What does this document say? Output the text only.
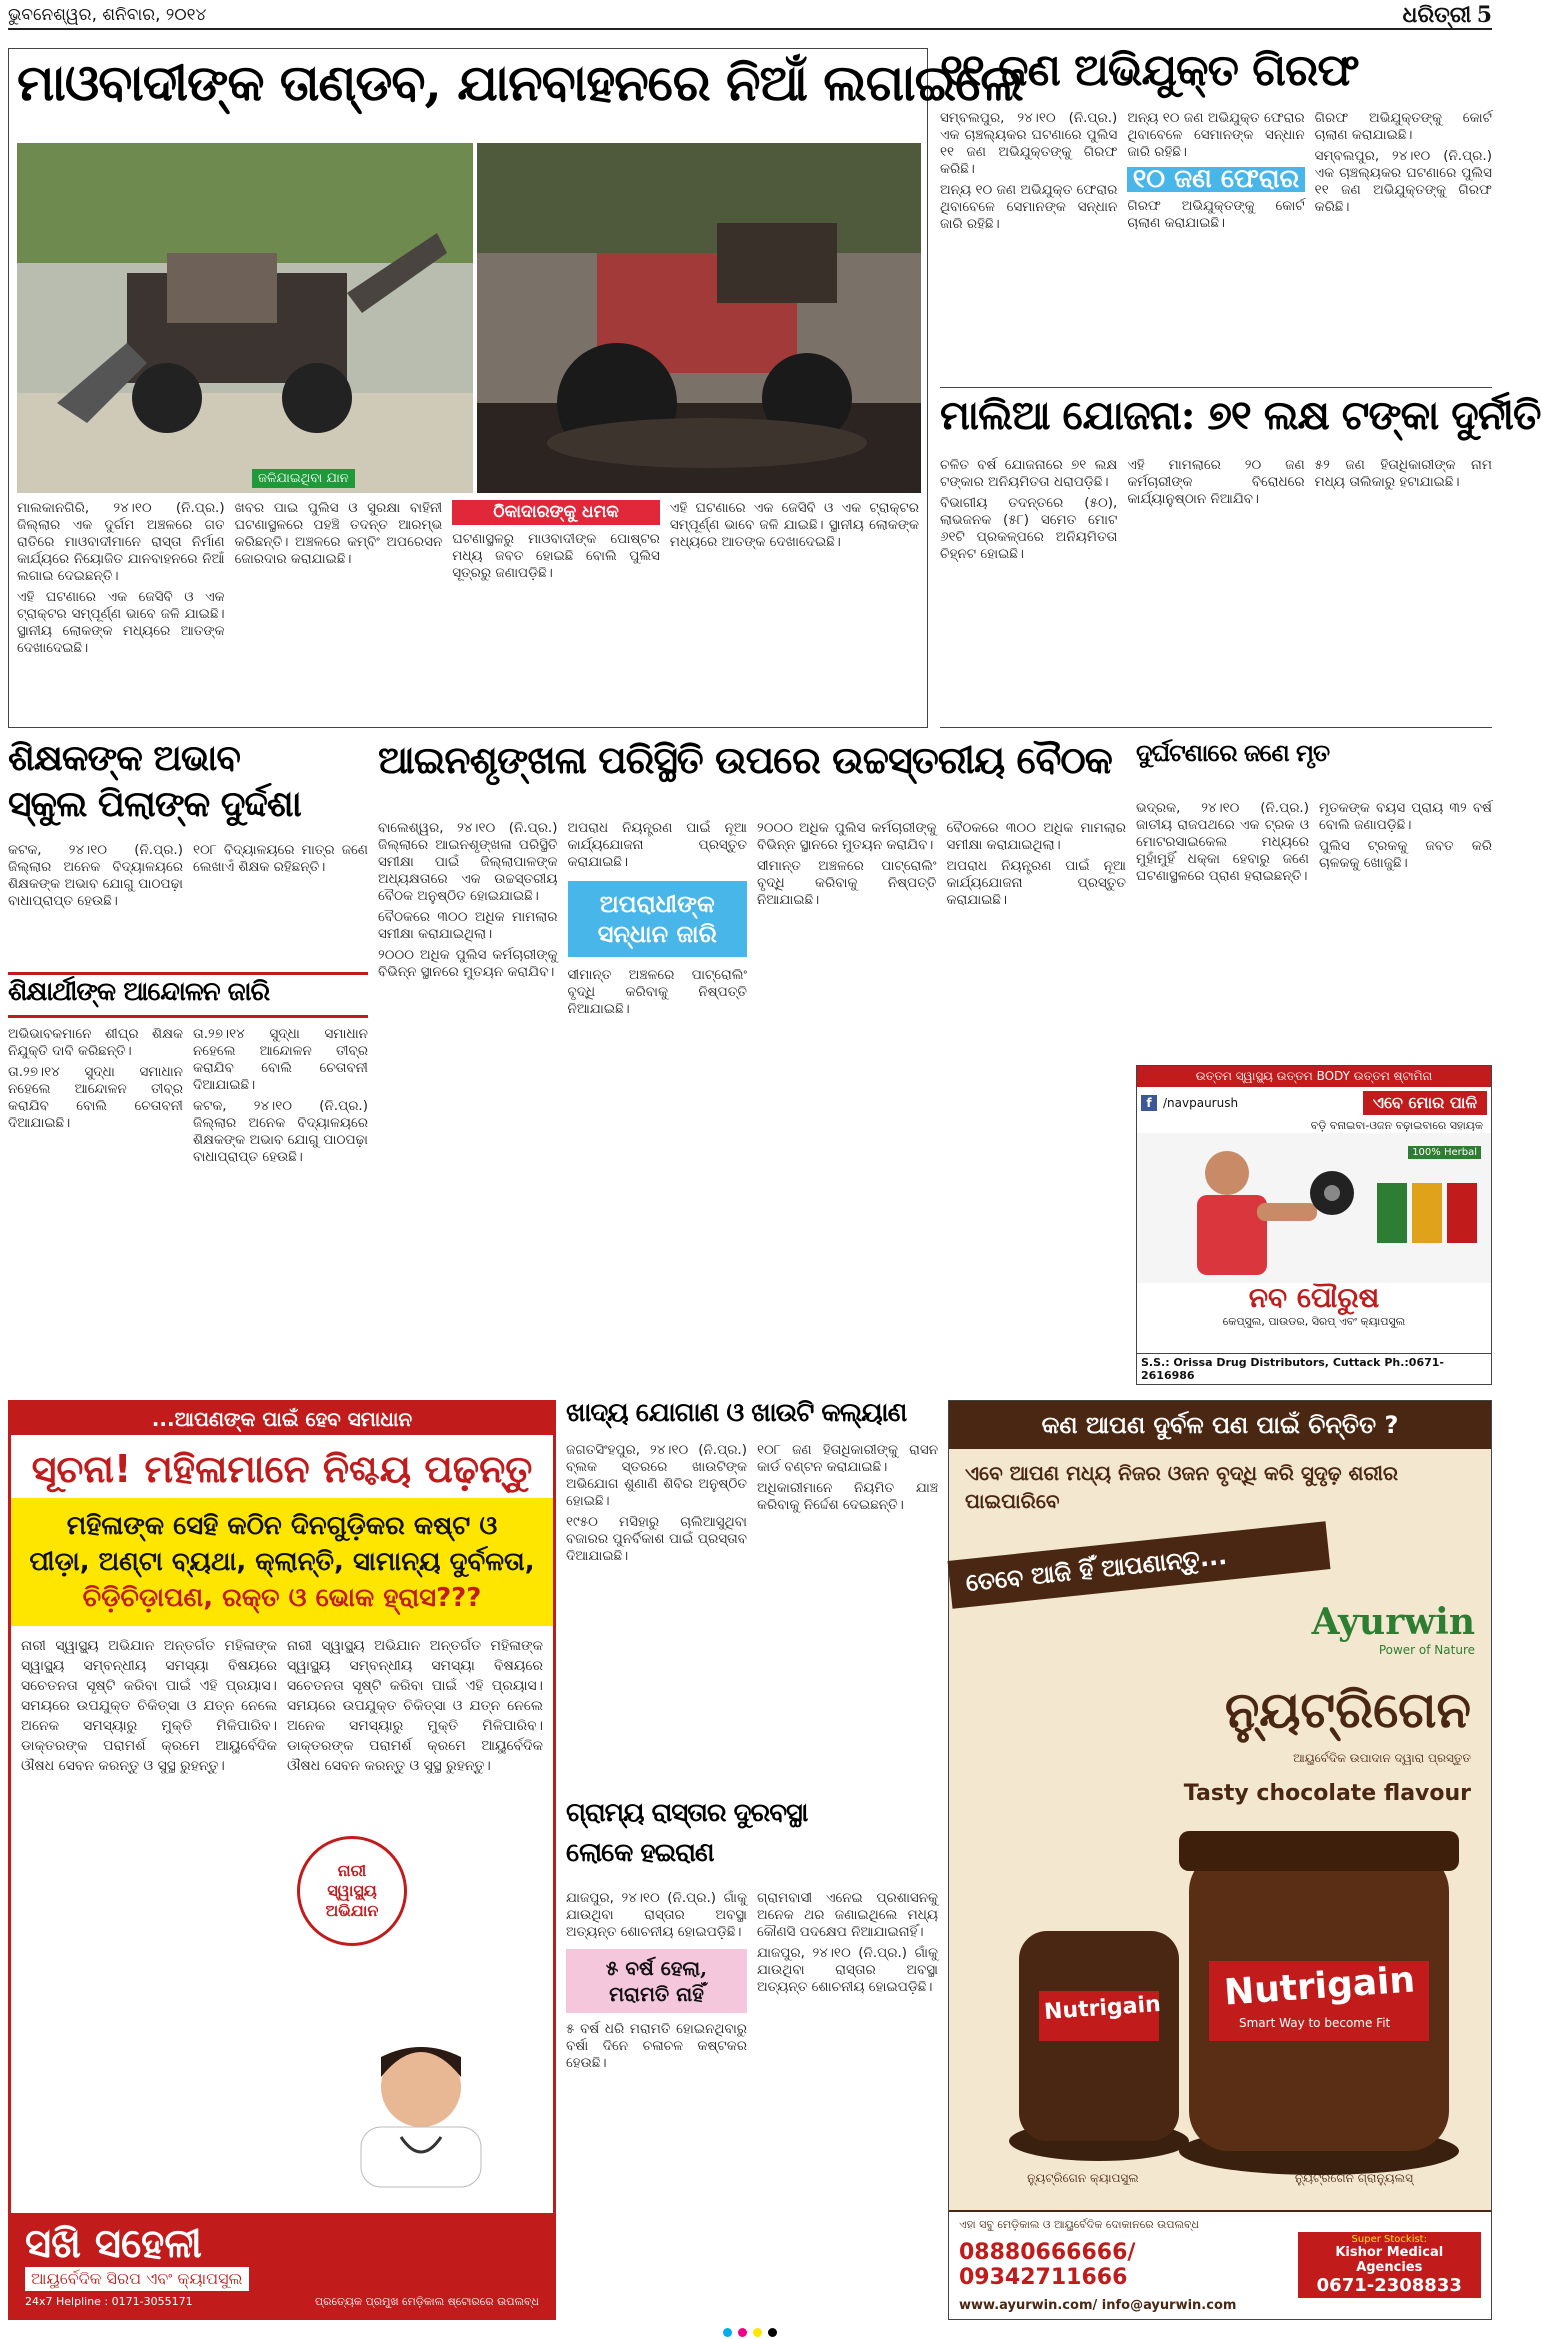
ଭୁବନେଶ୍ୱର, ଶନିବାର, ୨୦୧୪	ଧରିତ୍ରୀ 5
ମାଓବାଦୀଙ୍କ ତାଣ୍ଡବ, ଯାନବାହନରେ ନିଆଁ ଲଗାଇଲେ
ଜଳିଯାଇଥିବା ଯାନ

ମାଲକାନଗିରି, ୨୪।୧୦ (ନି.ପ୍ର.) ଜିଲ୍ଲାର ଏକ ଦୁର୍ଗମ ଅଞ୍ଚଳରେ ଗତ ରାତିରେ ମାଓବାଦୀମାନେ ରାସ୍ତା ନିର୍ମାଣ କାର୍ଯ୍ୟରେ ନିୟୋଜିତ ଯାନବାହନରେ ନିଆଁ ଲଗାଇ ଦେଇଛନ୍ତି।

ଏହି ଘଟଣାରେ ଏକ ଜେସିବି ଓ ଏକ ଟ୍ରାକ୍ଟର ସମ୍ପୂର୍ଣ୍ଣ ଭାବେ ଜଳି ଯାଇଛି। ସ୍ଥାନୀୟ ଲୋକଙ୍କ ମଧ୍ୟରେ ଆତଙ୍କ ଦେଖାଦେଇଛି।

ଖବର ପାଇ ପୁଲିସ ଓ ସୁରକ୍ଷା ବାହିନୀ ଘଟଣାସ୍ଥଳରେ ପହଞ୍ଚି ତଦନ୍ତ ଆରମ୍ଭ କରିଛନ୍ତି। ଅଞ୍ଚଳରେ କମ୍ବିଂ ଅପରେସନ ଜୋରଦାର କରାଯାଇଛି।

ଠିକାଦାରଙ୍କୁ ଧମକ

ଘଟଣାସ୍ଥଳରୁ ମାଓବାଦୀଙ୍କ ପୋଷ୍ଟର ମଧ୍ୟ ଜବତ ହୋଇଛି ବୋଲି ପୁଲିସ ସୂତ୍ରରୁ ଜଣାପଡ଼ିଛି।

ଏହି ଘଟଣାରେ ଏକ ଜେସିବି ଓ ଏକ ଟ୍ରାକ୍ଟର ସମ୍ପୂର୍ଣ୍ଣ ଭାବେ ଜଳି ଯାଇଛି। ସ୍ଥାନୀୟ ଲୋକଙ୍କ ମଧ୍ୟରେ ଆତଙ୍କ ଦେଖାଦେଇଛି।

୧୧ ଜଣ ଅଭିଯୁକ୍ତ ଗିରଫ

ସମ୍ବଲପୁର, ୨୪।୧୦ (ନି.ପ୍ର.) ଏକ ଚାଞ୍ଚଲ୍ୟକର ଘଟଣାରେ ପୁଲିସ ୧୧ ଜଣ ଅଭିଯୁକ୍ତଙ୍କୁ ଗିରଫ କରିଛି।

ଅନ୍ୟ ୧୦ ଜଣ ଅଭିଯୁକ୍ତ ଫେରାର ଥିବାବେଳେ ସେମାନଙ୍କ ସନ୍ଧାନ ଜାରି ରହିଛି।

ଅନ୍ୟ ୧୦ ଜଣ ଅଭିଯୁକ୍ତ ଫେରାର ଥିବାବେଳେ ସେମାନଙ୍କ ସନ୍ଧାନ ଜାରି ରହିଛି।

୧୦ ଜଣ ଫେରାର

ଗିରଫ ଅଭିଯୁକ୍ତଙ୍କୁ କୋର୍ଟ ଚାଲାଣ କରାଯାଇଛି।

ଗିରଫ ଅଭିଯୁକ୍ତଙ୍କୁ କୋର୍ଟ ଚାଲାଣ କରାଯାଇଛି।

ସମ୍ବଲପୁର, ୨୪।୧୦ (ନି.ପ୍ର.) ଏକ ଚାଞ୍ଚଲ୍ୟକର ଘଟଣାରେ ପୁଲିସ ୧୧ ଜଣ ଅଭିଯୁକ୍ତଙ୍କୁ ଗିରଫ କରିଛି।

ମାଲିଆ ଯୋଜନା: ୭୧ ଲକ୍ଷ ଟଙ୍କା ଦୁର୍ନୀତି

ଚଳିତ ବର୍ଷ ଯୋଜନାରେ ୭୧ ଲକ୍ଷ ଟଙ୍କାର ଅନିୟମିତତା ଧରାପଡ଼ିଛି।

ବିଭାଗୀୟ ତଦନ୍ତରେ (୫୦), ଲାଭଜନକ (୫୮) ସମେତ ମୋଟ ୬୧ଟି ପ୍ରକଳ୍ପରେ ଅନିୟମିତତା ଚିହ୍ନଟ ହୋଇଛି।

ଏହି ମାମଲାରେ ୨୦ ଜଣ କର୍ମଚାରୀଙ୍କ ବିରୋଧରେ କାର୍ଯ୍ୟାନୁଷ୍ଠାନ ନିଆଯିବ।

୫୨ ଜଣ ହିତାଧିକାରୀଙ୍କ ନାମ ମଧ୍ୟ ତାଲିକାରୁ ହଟାଯାଇଛି।

ଶିକ୍ଷକଙ୍କ ଅଭାବ
ସ୍କୁଲ ପିଲାଙ୍କ ଦୁର୍ଦ୍ଦଶା

କଟକ, ୨୪।୧୦ (ନି.ପ୍ର.) ଜିଲ୍ଲାର ଅନେକ ବିଦ୍ୟାଳୟରେ ଶିକ୍ଷକଙ୍କ ଅଭାବ ଯୋଗୁ ପାଠପଢ଼ା ବାଧାପ୍ରାପ୍ତ ହେଉଛି।

୧୦୮ ବିଦ୍ୟାଳୟରେ ମାତ୍ର ଜଣେ ଲେଖାଏଁ ଶିକ୍ଷକ ରହିଛନ୍ତି।

ଶିକ୍ଷାର୍ଥୀଙ୍କ ଆନ୍ଦୋଳନ ଜାରି

ଅଭିଭାବକମାନେ ଶୀଘ୍ର ଶିକ୍ଷକ ନିଯୁକ୍ତି ଦାବି କରିଛନ୍ତି।

ତା.୨୭।୧୪ ସୁଦ୍ଧା ସମାଧାନ ନହେଲେ ଆନ୍ଦୋଳନ ତୀବ୍ର କରାଯିବ ବୋଲି ଚେତାବନୀ ଦିଆଯାଇଛି।

ତା.୨୭।୧୪ ସୁଦ୍ଧା ସମାଧାନ ନହେଲେ ଆନ୍ଦୋଳନ ତୀବ୍ର କରାଯିବ ବୋଲି ଚେତାବନୀ ଦିଆଯାଇଛି।

କଟକ, ୨୪।୧୦ (ନି.ପ୍ର.) ଜିଲ୍ଲାର ଅନେକ ବିଦ୍ୟାଳୟରେ ଶିକ୍ଷକଙ୍କ ଅଭାବ ଯୋଗୁ ପାଠପଢ଼ା ବାଧାପ୍ରାପ୍ତ ହେଉଛି।

ଆଇନଶୃଙ୍ଖଳା ପରିସ୍ଥିତି ଉପରେ ଉଚ୍ଚସ୍ତରୀୟ ବୈଠକ

ବାଲେଶ୍ୱର, ୨୪।୧୦ (ନି.ପ୍ର.) ଜିଲ୍ଲାରେ ଆଇନଶୃଙ୍ଖଳା ପରିସ୍ଥିତି ସମୀକ୍ଷା ପାଇଁ ଜିଲ୍ଲାପାଳଙ୍କ ଅଧ୍ୟକ୍ଷତାରେ ଏକ ଉଚ୍ଚସ୍ତରୀୟ ବୈଠକ ଅନୁଷ୍ଠିତ ହୋଇଯାଇଛି।

ବୈଠକରେ ୩୦୦ ଅଧିକ ମାମଲାର ସମୀକ୍ଷା କରାଯାଇଥିଲା।

୨୦୦୦ ଅଧିକ ପୁଲିସ କର୍ମଚାରୀଙ୍କୁ ବିଭିନ୍ନ ସ୍ଥାନରେ ମୁତୟନ କରାଯିବ।

ଅପରାଧ ନିୟନ୍ତ୍ରଣ ପାଇଁ ନୂଆ କାର୍ଯ୍ୟଯୋଜନା ପ୍ରସ୍ତୁତ କରାଯାଇଛି।

ଅପରାଧୀଙ୍କ
ସନ୍ଧାନ ଜାରି

ସୀମାନ୍ତ ଅଞ୍ଚଳରେ ପାଟ୍ରୋଲିଂ ବୃଦ୍ଧି କରିବାକୁ ନିଷ୍ପତ୍ତି ନିଆଯାଇଛି।

୨୦୦୦ ଅଧିକ ପୁଲିସ କର୍ମଚାରୀଙ୍କୁ ବିଭିନ୍ନ ସ୍ଥାନରେ ମୁତୟନ କରାଯିବ।

ସୀମାନ୍ତ ଅଞ୍ଚଳରେ ପାଟ୍ରୋଲିଂ ବୃଦ୍ଧି କରିବାକୁ ନିଷ୍ପତ୍ତି ନିଆଯାଇଛି।

ବୈଠକରେ ୩୦୦ ଅଧିକ ମାମଲାର ସମୀକ୍ଷା କରାଯାଇଥିଲା।

ଅପରାଧ ନିୟନ୍ତ୍ରଣ ପାଇଁ ନୂଆ କାର୍ଯ୍ୟଯୋଜନା ପ୍ରସ୍ତୁତ କରାଯାଇଛି।

ଦୁର୍ଘଟଣାରେ ଜଣେ ମୃତ

ଭଦ୍ରକ, ୨୪।୧୦ (ନି.ପ୍ର.) ଜାତୀୟ ରାଜପଥରେ ଏକ ଟ୍ରକ ଓ ମୋଟରସାଇକେଲ ମଧ୍ୟରେ ମୁହାଁମୁହିଁ ଧକ୍କା ହେବାରୁ ଜଣେ ଘଟଣାସ୍ଥଳରେ ପ୍ରାଣ ହରାଇଛନ୍ତି।

ମୃତକଙ୍କ ବୟସ ପ୍ରାୟ ୩୨ ବର୍ଷ ବୋଲି ଜଣାପଡ଼ିଛି।

ପୁଲିସ ଟ୍ରକକୁ ଜବତ କରି ଚାଳକକୁ ଖୋଜୁଛି।

ଉତ୍ତମ ସ୍ୱାସ୍ଥ୍ୟ ଉତ୍ତମ BODY ଉତ୍ତମ ଷ୍ଟାମିନା
f /navpaurush	ଏବେ ମୋର ପାଳି
ବଡ଼ି ବନାଇବା-ଓଜନ ବଢ଼ାଇବାରେ ସହାୟକ
100% Herbal
ନବ ପୌରୁଷ
କେପ୍ସୁଲ, ପାଉଡର, ସିରପ୍ ଏବଂ କ୍ୟାପସୁଲ
S.S.: Orissa Drug Distributors, Cuttack Ph.:0671-2616986
...ଆପଣଙ୍କ ପାଇଁ ହେବ ସମାଧାନ
ସୂଚନା! ମହିଳାମାନେ ନିଶ୍ଚୟ ପଢ଼ନ୍ତୁ
ମହିଳାଙ୍କ ସେହି କଠିନ ଦିନଗୁଡ଼ିକର କଷ୍ଟ ଓ
ପୀଡ଼ା, ଅଣ୍ଟା ବ୍ୟଥା, କ୍ଲାନ୍ତି, ସାମାନ୍ୟ ଦୁର୍ବଳତା,
ଚିଡ଼ିଚିଡ଼ାପଣ, ରକ୍ତ ଓ ଭୋକ ହ୍ରାସ???
ନାରୀ ସ୍ୱାସ୍ଥ୍ୟ ଅଭିଯାନ ଅନ୍ତର୍ଗତ ମହିଳାଙ୍କ ସ୍ୱାସ୍ଥ୍ୟ ସମ୍ବନ୍ଧୀୟ ସମସ୍ୟା ବିଷୟରେ ସଚେତନତା ସୃଷ୍ଟି କରିବା ପାଇଁ ଏହି ପ୍ରୟାସ। ସମୟରେ ଉପଯୁକ୍ତ ଚିକିତ୍ସା ଓ ଯତ୍ନ ନେଲେ ଅନେକ ସମସ୍ୟାରୁ ମୁକ୍ତି ମିଳିପାରିବ। ଡାକ୍ତରଙ୍କ ପରାମର୍ଶ କ୍ରମେ ଆୟୁର୍ବେଦିକ ଔଷଧ ସେବନ କରନ୍ତୁ ଓ ସୁସ୍ଥ ରୁହନ୍ତୁ।
ନାରୀ ସ୍ୱାସ୍ଥ୍ୟ ଅଭିଯାନ ଅନ୍ତର୍ଗତ ମହିଳାଙ୍କ ସ୍ୱାସ୍ଥ୍ୟ ସମ୍ବନ୍ଧୀୟ ସମସ୍ୟା ବିଷୟରେ ସଚେତନତା ସୃଷ୍ଟି କରିବା ପାଇଁ ଏହି ପ୍ରୟାସ। ସମୟରେ ଉପଯୁକ୍ତ ଚିକିତ୍ସା ଓ ଯତ୍ନ ନେଲେ ଅନେକ ସମସ୍ୟାରୁ ମୁକ୍ତି ମିଳିପାରିବ। ଡାକ୍ତରଙ୍କ ପରାମର୍ଶ କ୍ରମେ ଆୟୁର୍ବେଦିକ ଔଷଧ ସେବନ କରନ୍ତୁ ଓ ସୁସ୍ଥ ରୁହନ୍ତୁ।
ନାରୀ
ସ୍ୱାସ୍ଥ୍ୟ
ଅଭିଯାନ
ସଖି ସହେଳୀ
ଆୟୁର୍ବେଦିକ ସିରପ ଏବଂ କ୍ୟାପସୁଲ
24x7 Helpline : 0171-3055171	ପ୍ରତ୍ୟେକ ପ୍ରମୁଖ ମେଡ଼ିକାଲ ଷ୍ଟୋରରେ ଉପଲବ୍ଧ
ଖାଦ୍ୟ ଯୋଗାଣ ଓ ଖାଉଟି କଲ୍ୟାଣ

ଜଗତସିଂହପୁର, ୨୪।୧୦ (ନି.ପ୍ର.) ବ୍ଲକ ସ୍ତରରେ ଖାଉଟିଙ୍କ ଅଭିଯୋଗ ଶୁଣାଣି ଶିବିର ଅନୁଷ୍ଠିତ ହୋଇଛି।

୧୯୫୦ ମସିହାରୁ ଚାଲିଆସୁଥିବା ବଜାରର ପୁନର୍ବିକାଶ ପାଇଁ ପ୍ରସ୍ତାବ ଦିଆଯାଇଛି।

୧୦୮ ଜଣ ହିତାଧିକାରୀଙ୍କୁ ରାସନ କାର୍ଡ ବଣ୍ଟନ କରାଯାଇଛି।

ଅଧିକାରୀମାନେ ନିୟମିତ ଯାଞ୍ଚ କରିବାକୁ ନିର୍ଦ୍ଦେଶ ଦେଇଛନ୍ତି।

ଗ୍ରାମ୍ୟ ରାସ୍ତାର ଦୁରବସ୍ଥା
ଲୋକେ ହଇରାଣ

ଯାଜପୁର, ୨୪।୧୦ (ନି.ପ୍ର.) ଗାଁକୁ ଯାଉଥିବା ରାସ୍ତାର ଅବସ୍ଥା ଅତ୍ୟନ୍ତ ଶୋଚନୀୟ ହୋଇପଡ଼ିଛି।

୫ ବର୍ଷ ହେଲା,
ମରାମତି ନାହିଁ

୫ ବର୍ଷ ଧରି ମରାମତି ହୋଇନଥିବାରୁ ବର୍ଷା ଦିନେ ଚଳାଚଳ କଷ୍ଟକର ହେଉଛି।

ଗ୍ରାମବାସୀ ଏନେଇ ପ୍ରଶାସନକୁ ଅନେକ ଥର ଜଣାଇଥିଲେ ମଧ୍ୟ କୌଣସି ପଦକ୍ଷେପ ନିଆଯାଇନାହିଁ।

ଯାଜପୁର, ୨୪।୧୦ (ନି.ପ୍ର.) ଗାଁକୁ ଯାଉଥିବା ରାସ୍ତାର ଅବସ୍ଥା ଅତ୍ୟନ୍ତ ଶୋଚନୀୟ ହୋଇପଡ଼ିଛି।

କଣ ଆପଣ ଦୁର୍ବଳ ପଣ ପାଇଁ ଚିନ୍ତିତ ?
ଏବେ ଆପଣ ମଧ୍ୟ ନିଜର ଓଜନ ବୃଦ୍ଧି କରି ସୁଦୃଢ଼ ଶରୀର ପାଇପାରିବେ
ତେବେ ଆଜି ହିଁ ଆପଣାନ୍ତୁ...
Ayurwin
Power of Nature
ନ୍ୟୁଟ୍ରିଗେନ
ଆୟୁର୍ବେଦିକ ଉପାଦାନ ଦ୍ୱାରା ପ୍ରସ୍ତୁତ
Tasty chocolate flavour
Nutrigain Nutrigain
Smart Way to become Fit
ନ୍ୟୁଟ୍ରିଗେନ କ୍ୟାପସୁଲ	ନ୍ୟୁଟ୍ରିଗେନ ଗ୍ରାନ୍ୟୁଲସ୍
ଏହା ସବୁ ମେଡ଼ିକାଲ ଓ ଆୟୁର୍ବେଦିକ ଦୋକାନରେ ଉପଲବ୍ଧ
08880666666/ 09342711666
Super Stockist:
Kishor Medical Agencies
0671-2308833
www.ayurwin.com/ info@ayurwin.com
